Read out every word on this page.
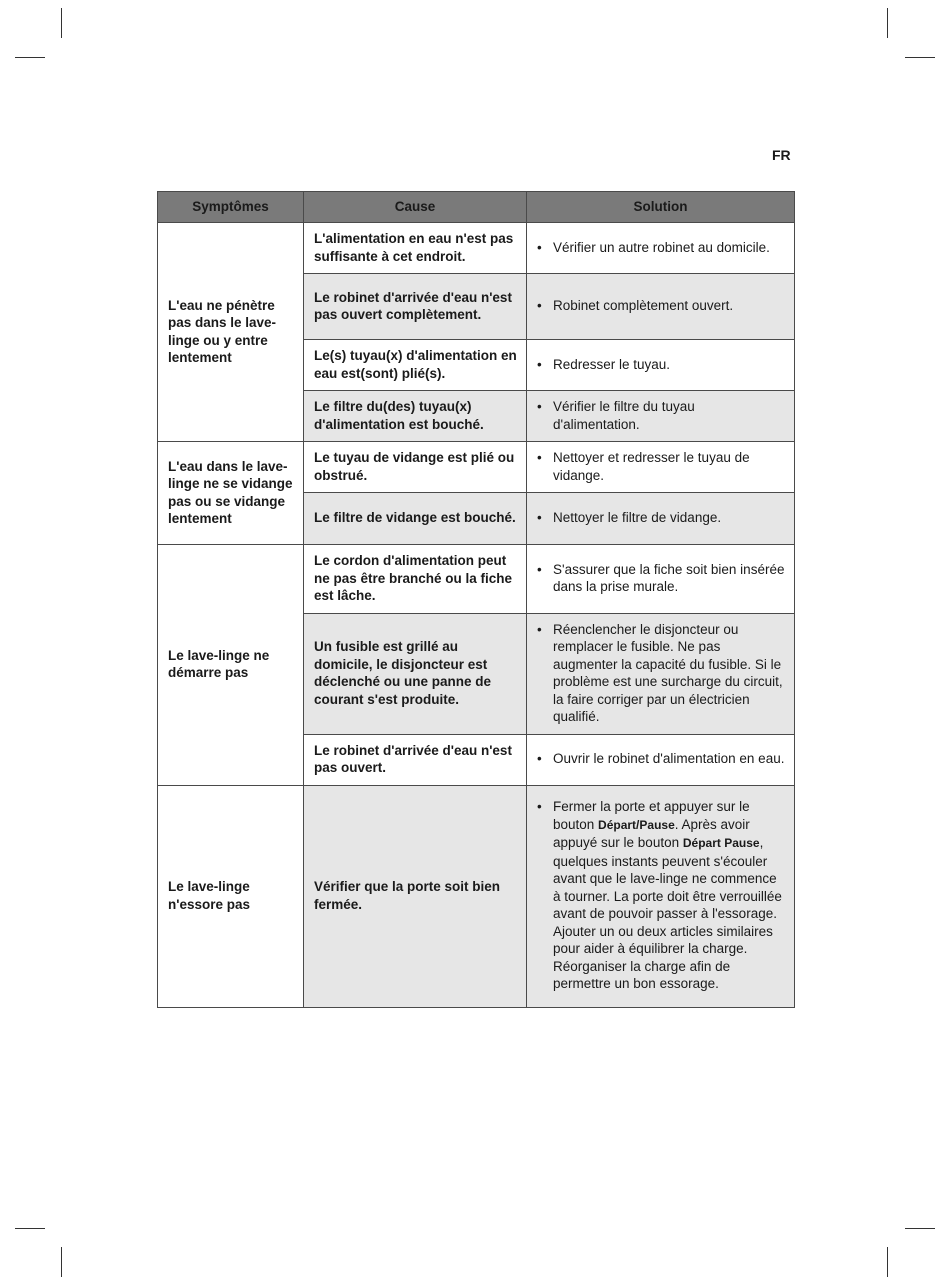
FR
Symptômes	Cause	Solution
L'eau ne pénètre pas dans le lave-linge ou y entre lentement	L'alimentation en eau n'est pas suffisante à cet endroit.	• Vérifier un autre robinet au domicile.

	Le robinet d'arrivée d'eau n'est pas ouvert complètement.	• Robinet complètement ouvert.

	Le(s) tuyau(x) d'alimentation en eau est(sont) plié(s).	• Redresser le tuyau.

	Le filtre du(des) tuyau(x) d'alimentation est bouché.	• Vérifier le filtre du tuyau d'alimentation.

L'eau dans le lave-linge ne se vidange pas ou se vidange lentement	Le tuyau de vidange est plié ou obstrué.	• Nettoyer et redresser le tuyau de vidange.

	Le filtre de vidange est bouché.	• Nettoyer le filtre de vidange.

Le lave-linge ne démarre pas	Le cordon d'alimentation peut ne pas être branché ou la fiche est lâche.	• S'assurer que la fiche soit bien insérée dans la prise murale.

	Un fusible est grillé au domicile, le disjoncteur est déclenché ou une panne de courant s'est produite.	• Réenclencher le disjoncteur ou remplacer le fusible. Ne pas augmenter la capacité du fusible. Si le problème est une surcharge du circuit, la faire corriger par un électricien qualifié.

	Le robinet d'arrivée d'eau n'est pas ouvert.	• Ouvrir le robinet d'alimentation en eau.

Le lave-linge n'essore pas	Vérifier que la porte soit bien fermée.	• Fermer la porte et appuyer sur le bouton Départ/Pause. Après avoir appuyé sur le bouton Départ Pause, quelques instants peuvent s'écouler avant que le lave-linge ne commence à tourner. La porte doit être verrouillée avant de pouvoir passer à l'essorage. Ajouter un ou deux articles similaires pour aider à équilibrer la charge. Réorganiser la charge afin de permettre un bon essorage.
